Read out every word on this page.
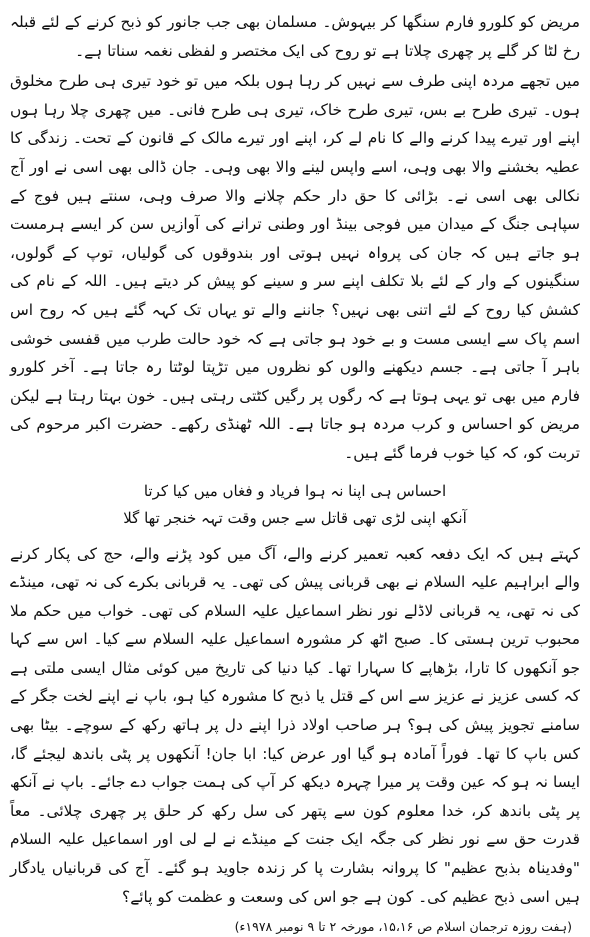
مریض کو کلورو فارم سنگھا کر بیہوش۔ مسلمان بھی جب جانور کو ذبح کرنے کے لئے قبلہ رخ لٹا کر گلے پر چھری چلاتا ہے تو روح کی ایک مختصر و لفظی نغمہ سناتا ہے۔

میں تجھے مردہ اپنی طرف سے نہیں کر رہا ہوں بلکہ میں تو خود تیری ہی طرح مخلوق ہوں۔ تیری طرح بے بس، تیری طرح خاک، تیری ہی طرح فانی۔ میں چھری چلا رہا ہوں اپنے اور تیرے پیدا کرنے والے کا نام لے کر، اپنے اور تیرے مالک کے قانون کے تحت۔ زندگی کا عطیہ بخشنے والا بھی وہی، اسے واپس لینے والا بھی وہی۔ جان ڈالی بھی اسی نے اور آج نکالی بھی اسی نے۔ بڑائی کا حق دار حکم چلانے والا صرف وہی، سنتے ہیں فوج کے سپاہی جنگ کے میدان میں فوجی بینڈ اور وطنی ترانے کی آوازیں سن کر ایسے ہرمست ہو جاتے ہیں کہ جان کی پرواہ نہیں ہوتی اور بندوقوں کی گولیاں، توپ کے گولوں، سنگینوں کے وار کے لئے بلا تکلف اپنے سر و سینے کو پیش کر دیتے ہیں۔ اللہ کے نام کی کشش کیا روح کے لئے اتنی بھی نہیں؟ جاننے والے تو یہاں تک کہہ گئے ہیں کہ روح اس اسم پاک سے ایسی مست و بے خود ہو جاتی ہے کہ خود حالت طرب میں قفسی خوشی باہر آ جاتی ہے۔ جسم دیکھنے والوں کو نظروں میں تڑپتا لوٹتا رہ جاتا ہے۔ آخر کلورو فارم میں بھی تو یہی ہوتا ہے کہ رگوں پر رگیں کٹتی رہتی ہیں۔ خون بہتا رہتا ہے لیکن مریض کو احساس و کرب مردہ ہو جاتا ہے۔ اللہ ٹھنڈی رکھے۔ حضرت اکبر مرحوم کی تربت کو، کہ کیا خوب فرما گئے ہیں۔

احساس ہی اپنا نہ ہوا فریاد و فغاں میں کیا کرتا
آنکھ اپنی لڑی تھی قاتل سے جس وقت تہہ خنجر تھا گلا

کہتے ہیں کہ ایک دفعہ کعبہ تعمیر کرنے والے، آگ میں کود پڑنے والے، حج کی پکار کرنے والے ابراہیم علیہ السلام نے بھی قربانی پیش کی تھی۔ یہ قربانی بکرے کی نہ تھی، مینڈے کی نہ تھی، یہ قربانی لاڈلے نور نظر اسماعیل علیہ السلام کی تھی۔ خواب میں حکم ملا محبوب ترین ہستی کا۔ صبح اٹھ کر مشورہ اسماعیل علیہ السلام سے کیا۔ اس سے کہا جو آنکھوں کا تارا، بڑھاپے کا سہارا تھا۔ کیا دنیا کی تاریخ میں کوئی مثال ایسی ملتی ہے کہ کسی عزیز نے عزیز سے اس کے قتل یا ذبح کا مشورہ کیا ہو، باپ نے اپنے لخت جگر کے سامنے تجویز پیش کی ہو؟ ہر صاحب اولاد ذرا اپنے دل پر ہاتھ رکھ کے سوچے۔ بیٹا بھی کس باپ کا تھا۔ فوراً آمادہ ہو گیا اور عرض کیا: ابا جان! آنکھوں پر پٹی باندھ لیجئے گا، ایسا نہ ہو کہ عین وقت پر میرا چہرہ دیکھ کر آپ کی ہمت جواب دے جائے۔ باپ نے آنکھ پر پٹی باندھ کر، خدا معلوم کون سے پتھر کی سل رکھ کر حلق پر چھری چلائی۔ معاً قدرت حق سے نور نظر کی جگہ ایک جنت کے مینڈے نے لے لی اور اسماعیل علیہ السلام "وفدیناہ بذبح عظیم" کا پروانہ بشارت پا کر زندہ جاوید ہو گئے۔ آج کی قربانیاں یادگار ہیں اسی ذبح عظیم کی۔ کون ہے جو اس کی وسعت و عظمت کو پائے؟

(ہفت روزہ ترجمان اسلام ص ۱۵،۱۶، مورخہ ۲ تا ۹ نومبر ۱۹۷۸ء)
